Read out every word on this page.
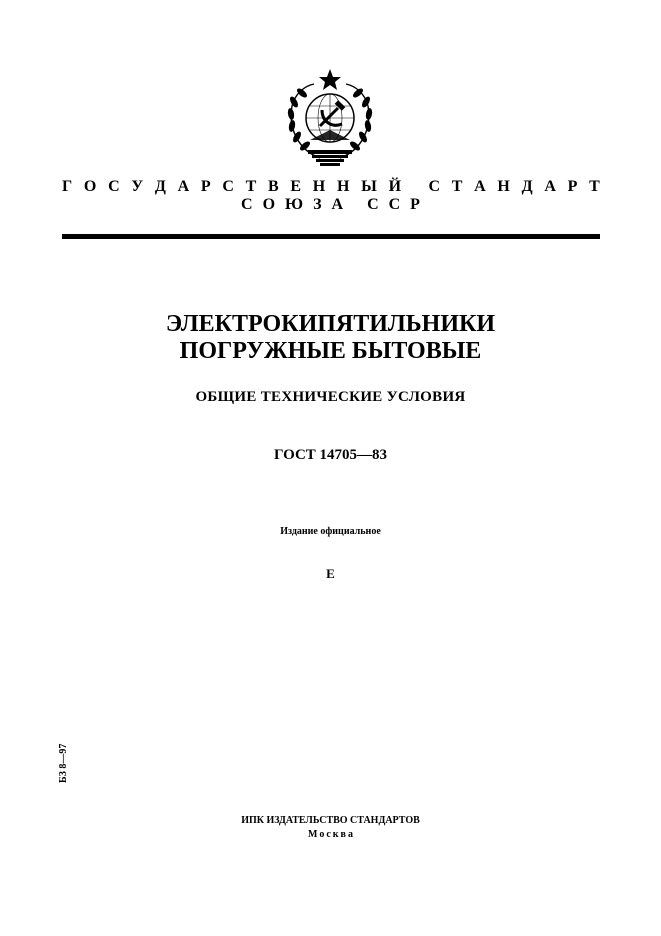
Г О С У Д А Р С Т В Е Н Н Ы Й
С Т А Н Д А Р Т
СОЮЗА ССР
ЭЛЕКТРОКИПЯТИЛЬНИКИ
ПОГРУЖНЫЕ БЫТОВЫЕ
ОБЩИЕ ТЕХНИЧЕСКИЕ УСЛОВИЯ
ГОСТ 14705—83
Издание официальное
Е
БЗ 8—97
ИПК ИЗДАТЕЛЬСТВО СТАНДАРТОВ
Москва
